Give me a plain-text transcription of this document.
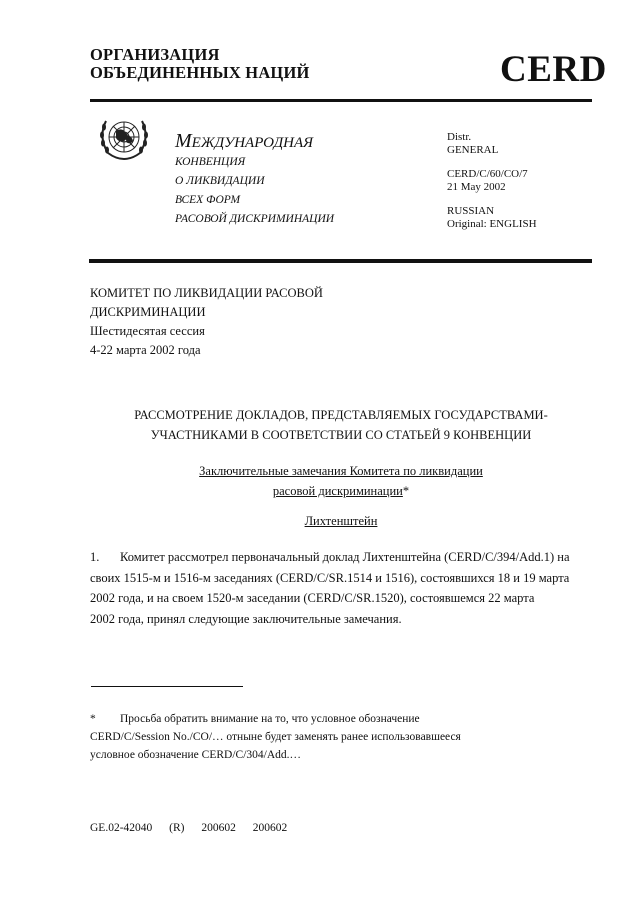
ОРГАНИЗАЦИЯ
ОБЪЕДИНЕННЫХ НАЦИЙ	CERD
МЕЖДУНАРОДНАЯ
КОНВЕНЦИЯ
О ЛИКВИДАЦИИ
ВСЕХ ФОРМ
РАСОВОЙ ДИСКРИМИНАЦИИ
Distr.
GENERAL
CERD/C/60/CO/7
21 May 2002
RUSSIAN
Original: ENGLISH
КОМИТЕТ ПО ЛИКВИДАЦИИ РАСОВОЙ
ДИСКРИМИНАЦИИ
Шестидесятая сессия
4-22 марта 2002 года
РАССМОТРЕНИЕ ДОКЛАДОВ, ПРЕДСТАВЛЯЕМЫХ ГОСУДАРСТВАМИ-
УЧАСТНИКАМИ В СООТВЕТСТВИИ СО СТАТЬЕЙ 9 КОНВЕНЦИИ
Заключительные замечания Комитета по ликвидации
расовой дискриминации*
Лихтенштейн
1. Комитет рассмотрел первоначальный доклад Лихтенштейна (CERD/C/394/Add.1) на
своих 1515-м и 1516-м заседаниях (CERD/C/SR.1514 и 1516), состоявшихся 18 и 19 марта
2002 года, и на своем 1520-м заседании (CERD/C/SR.1520), состоявшемся 22 марта
2002 года, принял следующие заключительные замечания.
* Просьба обратить внимание на то, что условное обозначение
CERD/C/Session No./CO/… отныне будет заменять ранее использовавшееся
условное обозначение CERD/C/304/Add.…
GE.02-42040 (R) 200602 200602
